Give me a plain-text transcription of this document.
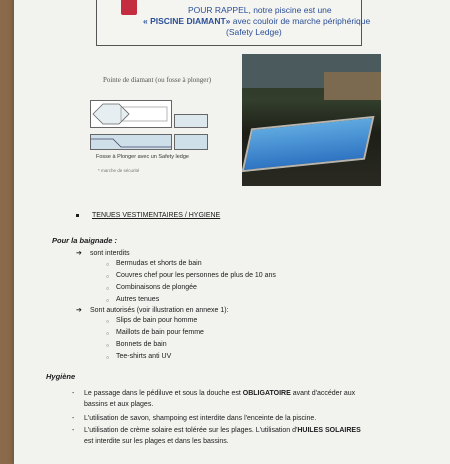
POUR RAPPEL, notre piscine est une
« PISCINE DIAMANT» avec couloir de marche périphérique
(Safety Ledge)
Pointe de diamant (ou fosse à plonger)
Fosse à Plonger avec un Safety ledge
* marche de sécurité
TENUES VESTIMENTAIRES / HYGIENE
Pour la baignade :
➔ sont interdits
○ Bermudas et shorts de bain
○ Couvres chef pour les personnes de plus de 10 ans
○ Combinaisons de plongée
○ Autres tenues
➔ Sont autorisés (voir illustration en annexe 1):
○ Slips de bain pour homme
○ Maillots de bain pour femme
○ Bonnets de bain
○ Tee-shirts anti UV
Hygiène
- Le passage dans le pédiluve et sous la douche est OBLIGATOIRE avant d'accéder aux
bassins et aux plages.
- L'utilisation de savon, shampoing est interdite dans l'enceinte de la piscine.
- L'utilisation de crème solaire est tolérée sur les plages. L'utilisation d'HUILES SOLAIRES
est interdite sur les plages et dans les bassins.
